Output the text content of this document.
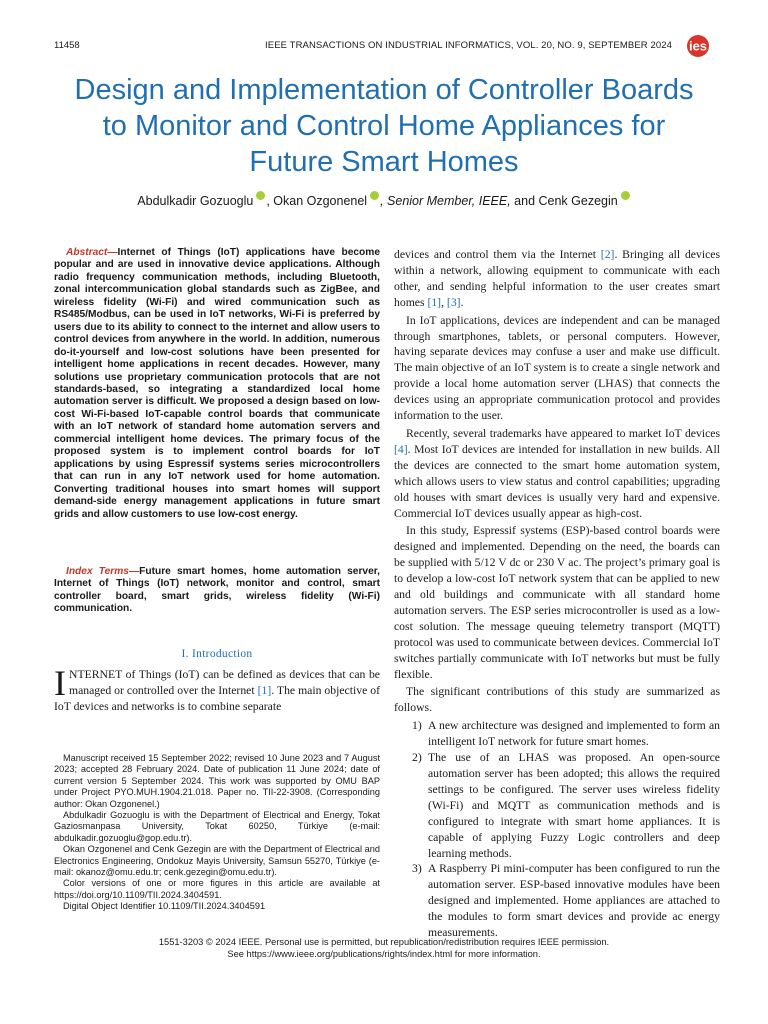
11458	IEEE TRANSACTIONS ON INDUSTRIAL INFORMATICS, VOL. 20, NO. 9, SEPTEMBER 2024 ies
Design and Implementation of Controller Boards
to Monitor and Control Home Appliances for
Future Smart Homes
Abdulkadir Gozuoglu , Okan Ozgonenel , Senior Member, IEEE, and Cenk Gezegin
Abstract—Internet of Things (IoT) applications have become popular and are used in innovative device applications. Although radio frequency communication methods, including Bluetooth, zonal intercommunication global standards such as ZigBee, and wireless fidelity (Wi-Fi) and wired communication such as RS485/Modbus, can be used in IoT networks, Wi-Fi is preferred by users due to its ability to connect to the internet and allow users to control devices from anywhere in the world. In addition, numerous do-it-yourself and low-cost solutions have been presented for intelligent home applications in recent decades. However, many solutions use proprietary communication protocols that are not standards-based, so integrating a standardized local home automation server is difficult. We proposed a design based on low-cost Wi-Fi-based IoT-capable control boards that communicate with an IoT network of standard home automation servers and commercial intelligent home devices. The primary focus of the proposed system is to implement control boards for IoT applications by using Espressif systems series microcontrollers that can run in any IoT network used for home automation. Converting traditional houses into smart homes will support demand-side energy management applications in future smart grids and allow customers to use low-cost energy.
Index Terms—Future smart homes, home automation server, Internet of Things (IoT) network, monitor and control, smart controller board, smart grids, wireless fidelity (Wi-Fi) communication.
I. Introduction
INTERNET of Things (IoT) can be defined as devices that can be managed or controlled over the Internet [1]. The main objective of IoT devices and networks is to combine separate

Manuscript received 15 September 2022; revised 10 June 2023 and 7 August 2023; accepted 28 February 2024. Date of publication 11 June 2024; date of current version 5 September 2024. This work was supported by OMU BAP under Project PYO.MUH.1904.21.018. Paper no. TII-22-3908. (Corresponding author: Okan Ozgonenel.)

Abdulkadir Gozuoglu is with the Department of Electrical and Energy, Tokat Gaziosmanpasa University, Tokat 60250, Türkiye (e-mail: abdulkadir.gozuoglu@gop.edu.tr).

Okan Ozgonenel and Cenk Gezegin are with the Department of Electrical and Electronics Engineering, Ondokuz Mayis University, Samsun 55270, Türkiye (e-mail: okanoz@omu.edu.tr; cenk.gezegin@omu.edu.tr).

Color versions of one or more figures in this article are available at https://doi.org/10.1109/TII.2024.3404591.

Digital Object Identifier 10.1109/TII.2024.3404591

devices and control them via the Internet [2]. Bringing all devices within a network, allowing equipment to communicate with each other, and sending helpful information to the user creates smart homes [1], [3].

In IoT applications, devices are independent and can be managed through smartphones, tablets, or personal computers. However, having separate devices may confuse a user and make use difficult. The main objective of an IoT system is to create a single network and provide a local home automation server (LHAS) that connects the devices using an appropriate communication protocol and provides information to the user.

Recently, several trademarks have appeared to market IoT devices [4]. Most IoT devices are intended for installation in new builds. All the devices are connected to the smart home automation system, which allows users to view status and control capabilities; upgrading old houses with smart devices is usually very hard and expensive. Commercial IoT devices usually appear as high-cost.

In this study, Espressif systems (ESP)-based control boards were designed and implemented. Depending on the need, the boards can be supplied with 5/12 V dc or 230 V ac. The project’s primary goal is to develop a low-cost IoT network system that can be applied to new and old buildings and communicate with all standard home automation servers. The ESP series microcontroller is used as a low-cost solution. The message queuing telemetry transport (MQTT) protocol was used to communicate between devices. Commercial IoT switches partially communicate with IoT networks but must be fully flexible.

The significant contributions of this study are summarized as follows.

1) A new architecture was designed and implemented to form an intelligent IoT network for future smart homes.
2) The use of an LHAS was proposed. An open-source automation server has been adopted; this allows the required settings to be configured. The server uses wireless fidelity (Wi-Fi) and MQTT as communication methods and is configured to integrate with smart home appliances. It is capable of applying Fuzzy Logic controllers and deep learning methods.
3) A Raspberry Pi mini-computer has been configured to run the automation server. ESP-based innovative modules have been designed and implemented. Home appliances are attached to the modules to form smart devices and provide ac energy measurements.
1551-3203 © 2024 IEEE. Personal use is permitted, but republication/redistribution requires IEEE permission.
See https://www.ieee.org/publications/rights/index.html for more information.
